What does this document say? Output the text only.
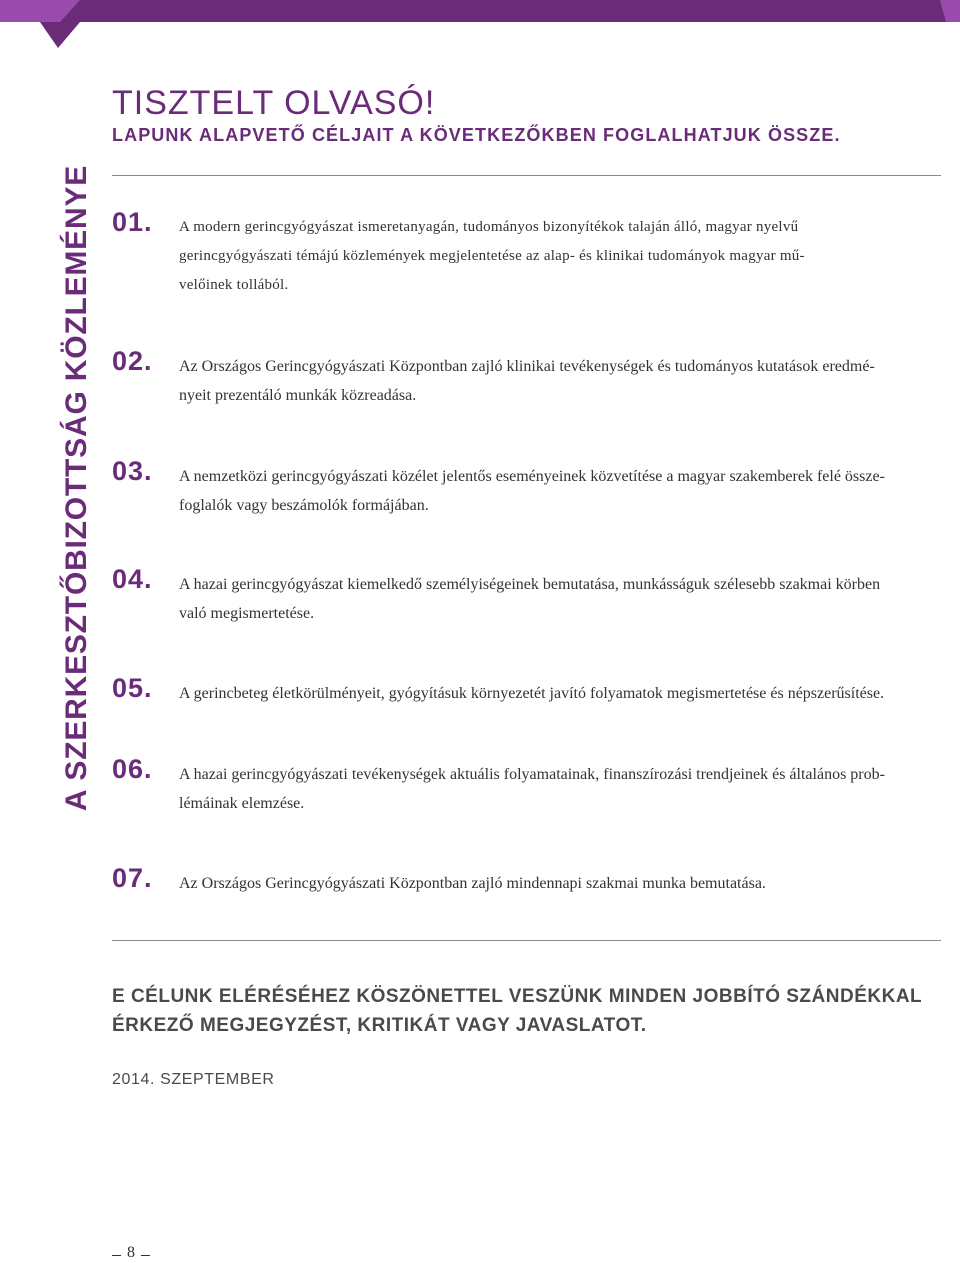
A SZERKESZTŐBIZOTTSÁG KÖZLEMÉNYE
TISZTELT OLVASÓ!
LAPUNK ALAPVETŐ CÉLJAIT A KÖVETKEZŐKBEN FOGLALHATJUK ÖSSZE.
01. A modern gerincgyógyászat ismeretanyagán, tudományos bizonyítékok talaján álló, magyar nyelvű
gerincgyógyászati témájú közlemények megjelentetése az alap- és klinikai tudományok magyar mű-
velőinek tollából.

02. Az Országos Gerincgyógyászati Központban zajló klinikai tevékenységek és tudományos kutatások eredmé-
nyeit prezentáló munkák közreadása.

03. A nemzetközi gerincgyógyászati közélet jelentős eseményeinek közvetítése a magyar szakemberek felé össze-
foglalók vagy beszámolók formájában.

04. A hazai gerincgyógyászat kiemelkedő személyiségeinek bemutatása, munkásságuk szélesebb szakmai körben
való megismertetése.

05. A gerincbeteg életkörülményeit, gyógyításuk környezetét javító folyamatok megismertetése és népszerűsítése.

06. A hazai gerincgyógyászati tevékenységek aktuális folyamatainak, finanszírozási trendjeinek és általános prob-
lémáinak elemzése.

07. Az Országos Gerincgyógyászati Központban zajló mindennapi szakmai munka bemutatása.

E CÉLUNK ELÉRÉSÉHEZ KÖSZÖNETTEL VESZÜNK MINDEN JOBBÍTÓ SZÁNDÉKKAL
ÉRKEZŐ MEGJEGYZÉST, KRITIKÁT VAGY JAVASLATOT.
2014. SZEPTEMBER
8
